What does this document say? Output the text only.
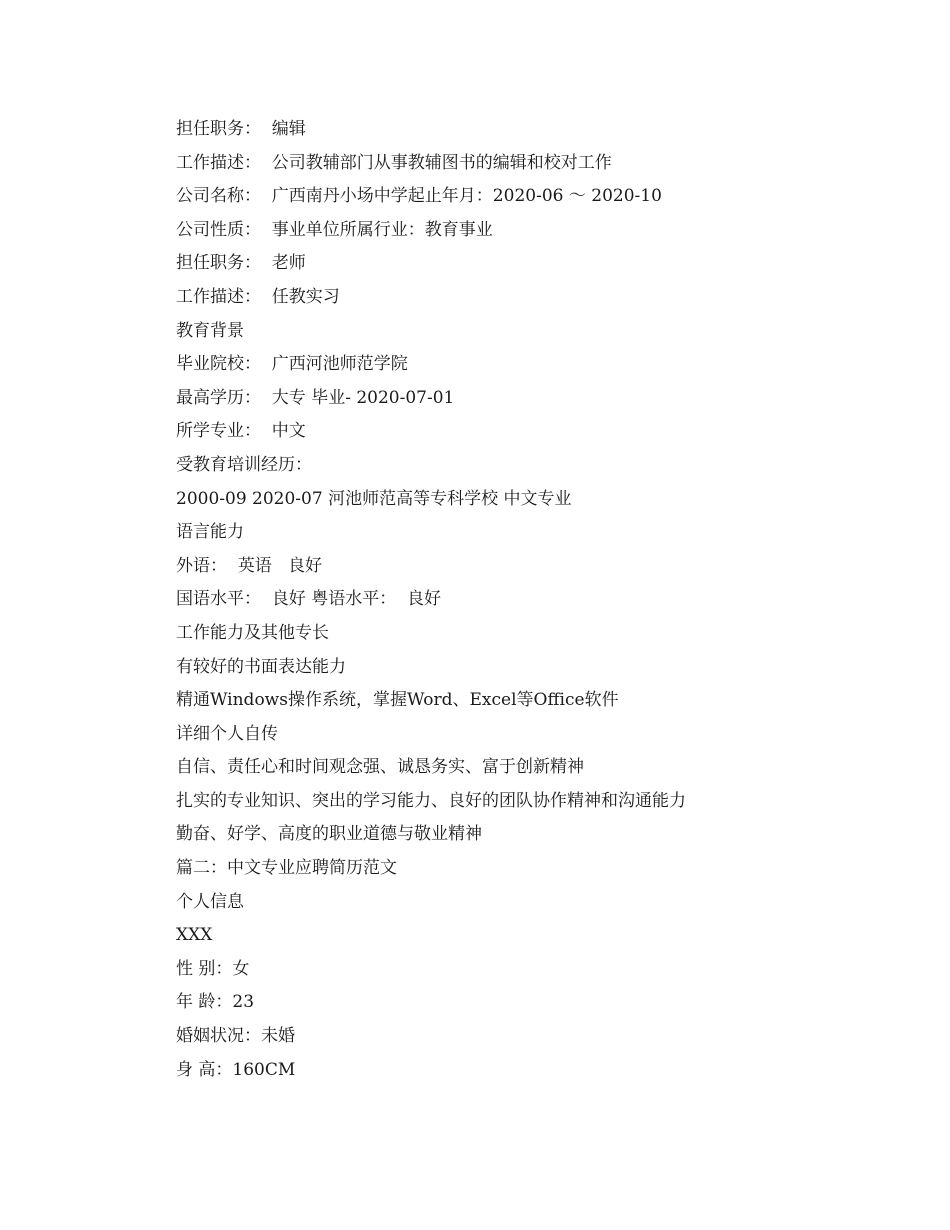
担任职务：  编辑
工作描述：  公司教辅部门从事教辅图书的编辑和校对工作
公司名称：  广西南丹小场中学起止年月：2020-06 ～ 2020-10
公司性质：  事业单位所属行业：教育事业
担任职务：  老师
工作描述：  任教实习
教育背景
毕业院校：  广西河池师范学院
最高学历：  大专 毕业- 2020-07-01
所学专业：  中文
受教育培训经历：
2000-09 2020-07 河池师范高等专科学校 中文专业
语言能力
外语：  英语   良好
国语水平：  良好 粤语水平：  良好
工作能力及其他专长
有较好的书面表达能力
精通Windows操作系统，掌握Word、Excel等Office软件
详细个人自传
自信、责任心和时间观念强、诚恳务实、富于创新精神
扎实的专业知识、突出的学习能力、良好的团队协作精神和沟通能力
勤奋、好学、高度的职业道德与敬业精神
篇二：中文专业应聘简历范文
个人信息
XXX
性 别：女
年 龄：23
婚姻状况：未婚
身 高：160CM
